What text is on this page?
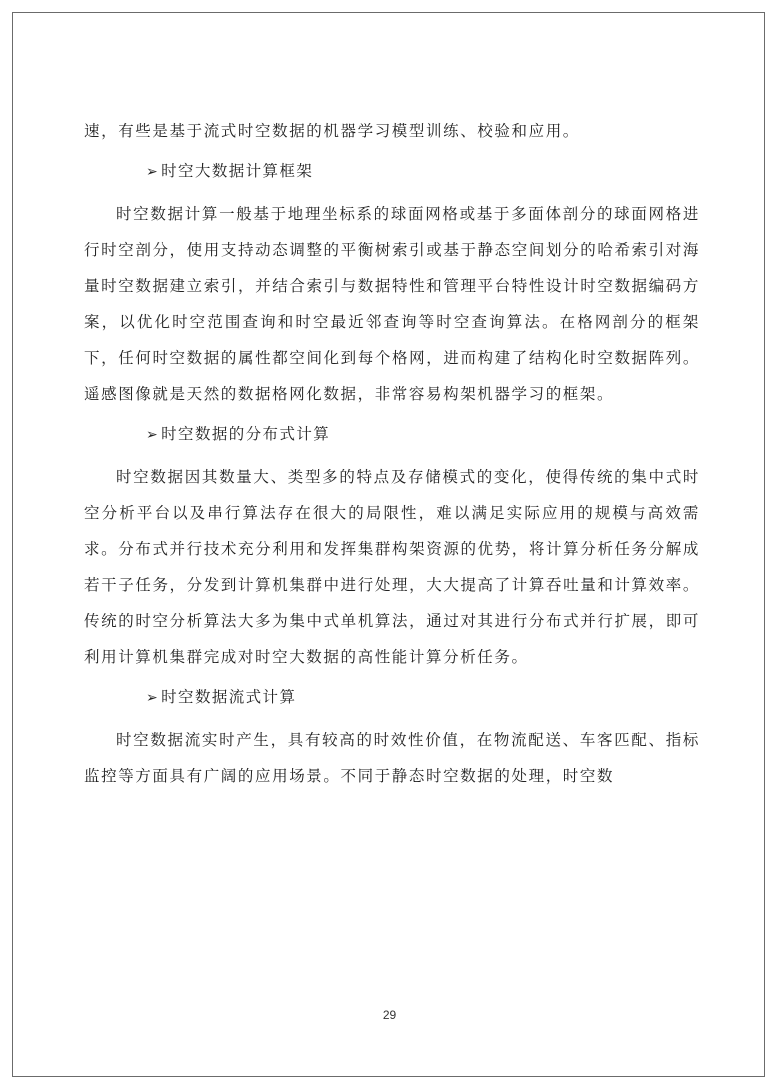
速，有些是基于流式时空数据的机器学习模型训练、校验和应用。

➢ 时空大数据计算框架

时空数据计算一般基于地理坐标系的球面网格或基于多面体剖分的球面网格进行时空剖分，使用支持动态调整的平衡树索引或基于静态空间划分的哈希索引对海量时空数据建立索引，并结合索引与数据特性和管理平台特性设计时空数据编码方案，以优化时空范围查询和时空最近邻查询等时空查询算法。在格网剖分的框架下，任何时空数据的属性都空间化到每个格网，进而构建了结构化时空数据阵列。遥感图像就是天然的数据格网化数据，非常容易构架机器学习的框架。

➢ 时空数据的分布式计算

时空数据因其数量大、类型多的特点及存储模式的变化，使得传统的集中式时空分析平台以及串行算法存在很大的局限性，难以满足实际应用的规模与高效需求。分布式并行技术充分利用和发挥集群构架资源的优势，将计算分析任务分解成若干子任务，分发到计算机集群中进行处理，大大提高了计算吞吐量和计算效率。传统的时空分析算法大多为集中式单机算法，通过对其进行分布式并行扩展，即可利用计算机集群完成对时空大数据的高性能计算分析任务。

➢ 时空数据流式计算

时空数据流实时产生，具有较高的时效性价值，在物流配送、车客匹配、指标监控等方面具有广阔的应用场景。不同于静态时空数据的处理，时空数

29
